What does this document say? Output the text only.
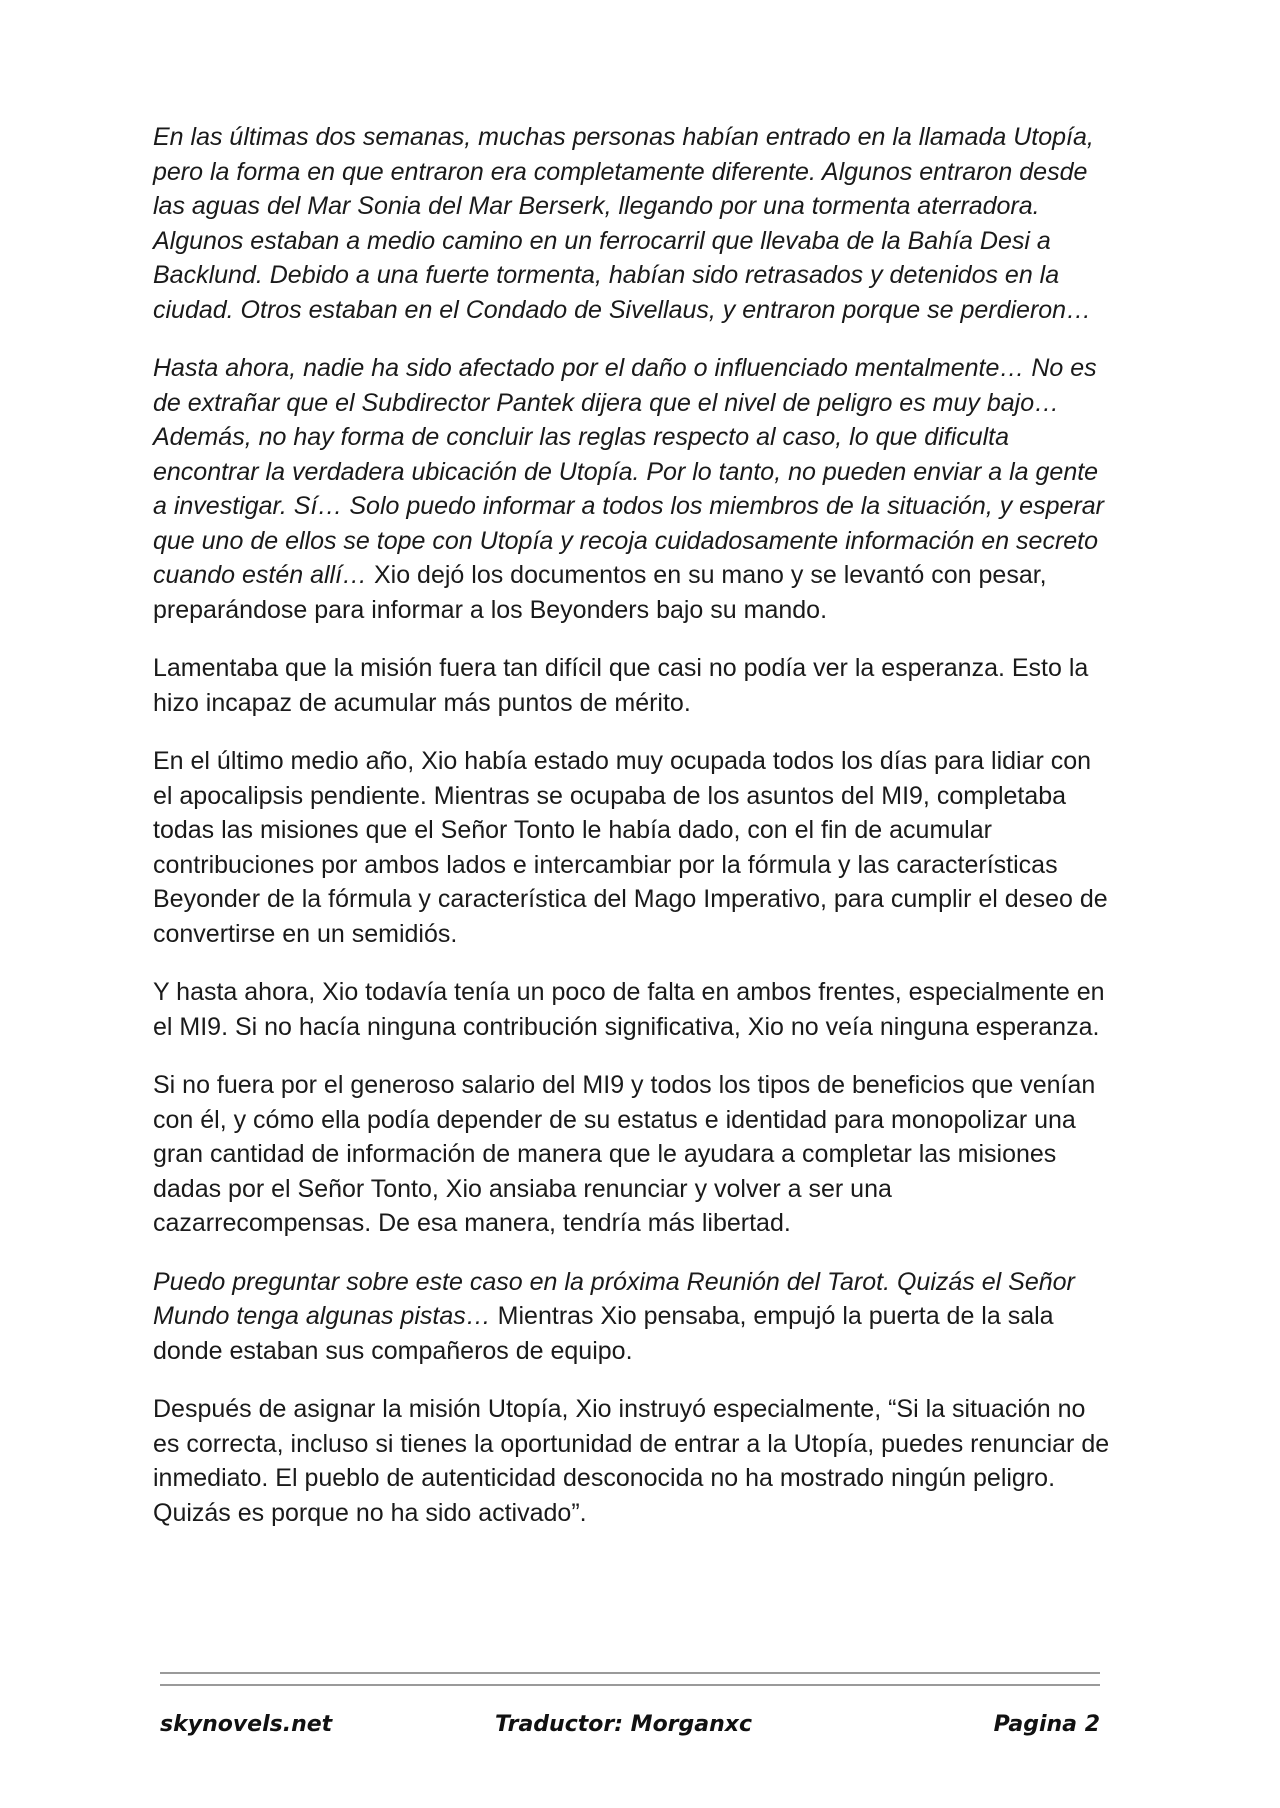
En las últimas dos semanas, muchas personas habían entrado en la llamada Utopía, pero la forma en que entraron era completamente diferente. Algunos entraron desde las aguas del Mar Sonia del Mar Berserk, llegando por una tormenta aterradora. Algunos estaban a medio camino en un ferrocarril que llevaba de la Bahía Desi a Backlund. Debido a una fuerte tormenta, habían sido retrasados y detenidos en la ciudad. Otros estaban en el Condado de Sivellaus, y entraron porque se perdieron…

Hasta ahora, nadie ha sido afectado por el daño o influenciado mentalmente… No es de extrañar que el Subdirector Pantek dijera que el nivel de peligro es muy bajo… Además, no hay forma de concluir las reglas respecto al caso, lo que dificulta encontrar la verdadera ubicación de Utopía. Por lo tanto, no pueden enviar a la gente a investigar. Sí… Solo puedo informar a todos los miembros de la situación, y esperar que uno de ellos se tope con Utopía y recoja cuidadosamente información en secreto cuando estén allí… Xio dejó los documentos en su mano y se levantó con pesar, preparándose para informar a los Beyonders bajo su mando.

Lamentaba que la misión fuera tan difícil que casi no podía ver la esperanza. Esto la hizo incapaz de acumular más puntos de mérito.

En el último medio año, Xio había estado muy ocupada todos los días para lidiar con el apocalipsis pendiente. Mientras se ocupaba de los asuntos del MI9, completaba todas las misiones que el Señor Tonto le había dado, con el fin de acumular contribuciones por ambos lados e intercambiar por la fórmula y las características Beyonder de la fórmula y característica del Mago Imperativo, para cumplir el deseo de convertirse en un semidiós.

Y hasta ahora, Xio todavía tenía un poco de falta en ambos frentes, especialmente en el MI9. Si no hacía ninguna contribución significativa, Xio no veía ninguna esperanza.

Si no fuera por el generoso salario del MI9 y todos los tipos de beneficios que venían con él, y cómo ella podía depender de su estatus e identidad para monopolizar una gran cantidad de información de manera que le ayudara a completar las misiones dadas por el Señor Tonto, Xio ansiaba renunciar y volver a ser una cazarrecompensas. De esa manera, tendría más libertad.

Puedo preguntar sobre este caso en la próxima Reunión del Tarot. Quizás el Señor Mundo tenga algunas pistas… Mientras Xio pensaba, empujó la puerta de la sala donde estaban sus compañeros de equipo.

Después de asignar la misión Utopía, Xio instruyó especialmente, “Si la situación no es correcta, incluso si tienes la oportunidad de entrar a la Utopía, puedes renunciar de inmediato. El pueblo de autenticidad desconocida no ha mostrado ningún peligro. Quizás es porque no ha sido activado”.

skynovels.net	Traductor: Morganxc	Pagina 2
